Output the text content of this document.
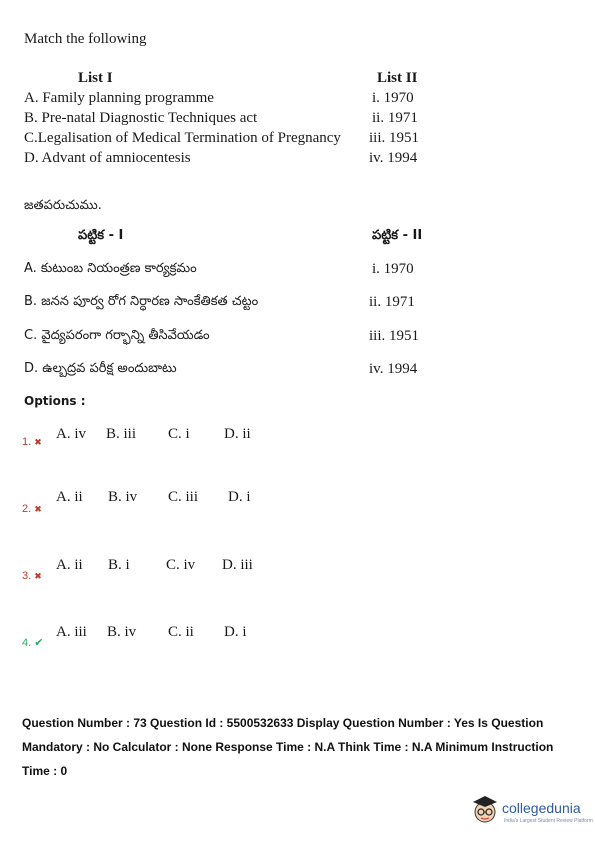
Match the following
List I	List II
A. Family planning programme
B. Pre-natal Diagnostic Techniques act
C.Legalisation of Medical Termination of Pregnancy
D. Advant of amniocentesis
i. 1970
ii. 1971
iii. 1951
iv. 1994
జతపరుచుము.
పట్టిక - I	పట్టిక - II
A. కుటుంబ నియంత్రణ కార్యక్రమం
B. జనన పూర్వ రోగ నిర్ధారణ సాంకేతికత చట్టం
C. వైద్యపరంగా గర్భాన్ని తీసివేయడం
D. ఉల్బద్రవ పరీక్ష అందుబాటు
i. 1970
ii. 1971
iii. 1951
iv. 1994
Options :
1. ✖ A. iv B. iii C. i D. ii
2. ✖
A. ii B. iv C. iii D. i
3. ✖
A. ii B. i C. iv D. iii
4. ✔
A. iii B. iv C. ii D. i
Question Number : 73 Question Id : 5500532633 Display Question Number : Yes Is Question
Mandatory : No Calculator : None Response Time : N.A Think Time : N.A Minimum Instruction
Time : 0
collegedunia
India's Largest Student Review Platform
